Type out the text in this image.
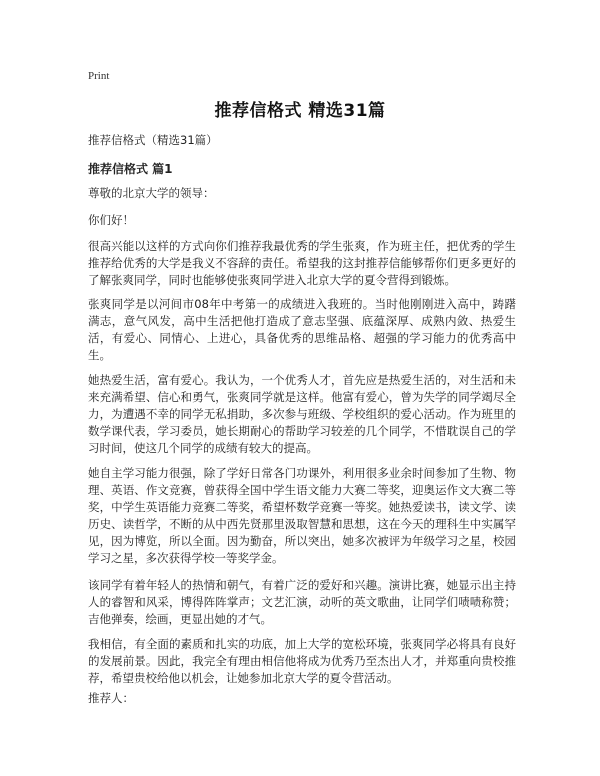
Print
推荐信格式 精选31篇
推荐信格式（精选31篇）
推荐信格式 篇1
尊敬的北京大学的领导：
你们好！
很高兴能以这样的方式向你们推荐我最优秀的学生张爽，作为班主任，把优秀的学生推荐给优秀的大学是我义不容辞的责任。希望我的这封推荐信能够帮你们更多更好的了解张爽同学，同时也能够使张爽同学进入北京大学的夏令营得到锻炼。
张爽同学是以河间市08年中考第一的成绩进入我班的。当时他刚刚进入高中，踌躇满志，意气风发，高中生活把他打造成了意志坚强、底蕴深厚、成熟内敛、热爱生活，有爱心、同情心、上进心，具备优秀的思维品格、超强的学习能力的优秀高中生。
她热爱生活，富有爱心。我认为，一个优秀人才，首先应是热爱生活的，对生活和未来充满希望、信心和勇气，张爽同学就是这样。他富有爱心，曾为失学的同学竭尽全力，为遭遇不幸的同学无私捐助，多次参与班级、学校组织的爱心活动。作为班里的数学课代表，学习委员，她长期耐心的帮助学习较差的几个同学，不惜耽误自己的学习时间，使这几个同学的成绩有较大的提高。
她自主学习能力很强，除了学好日常各门功课外，利用很多业余时间参加了生物、物理、英语、作文竞赛，曾获得全国中学生语文能力大赛二等奖，迎奥运作文大赛二等奖，中学生英语能力竞赛二等奖，希望杯数学竞赛一等奖。她热爱读书，读文学、读历史、读哲学，不断的从中西先贤那里汲取智慧和思想，这在今天的理科生中实属罕见，因为博览，所以全面。因为勤奋，所以突出，她多次被评为年级学习之星，校园学习之星，多次获得学校一等奖学金。
该同学有着年轻人的热情和朝气，有着广泛的爱好和兴趣。演讲比赛，她显示出主持人的睿智和风采，博得阵阵掌声；文艺汇演，动听的英文歌曲，让同学们啧啧称赞；吉他弹奏，绘画，更显出她的才气。
我相信，有全面的素质和扎实的功底，加上大学的宽松环境，张爽同学必将具有良好的发展前景。因此，我完全有理由相信他将成为优秀乃至杰出人才，并郑重向贵校推荐，希望贵校给他以机会，让她参加北京大学的夏令营活动。
推荐人：
